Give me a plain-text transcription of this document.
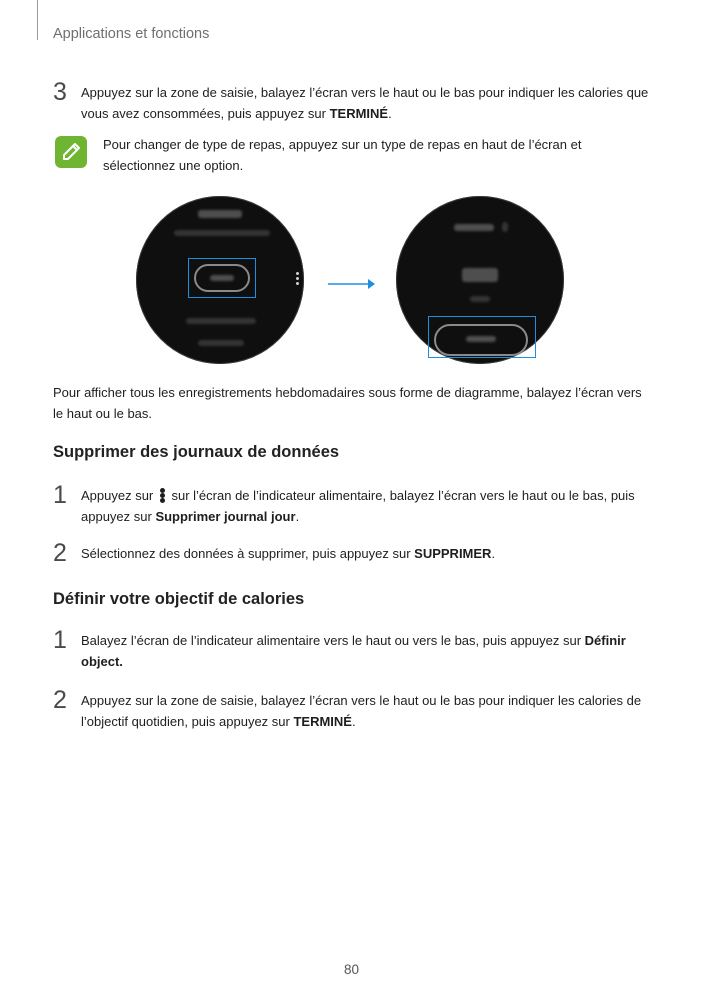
Applications et fonctions
3 Appuyez sur la zone de saisie, balayez l’écran vers le haut ou le bas pour indiquer les calories que vous avez consommées, puis appuyez sur TERMINÉ.
Pour changer de type de repas, appuyez sur un type de repas en haut de l’écran et sélectionnez une option.
Pour afficher tous les enregistrements hebdomadaires sous forme de diagramme, balayez l’écran vers le haut ou le bas.
Supprimer des journaux de données
1 Appuyez sur
sur l’écran de l’indicateur alimentaire, balayez l’écran vers le haut ou le bas, puis appuyez sur Supprimer journal jour.
2 Sélectionnez des données à supprimer, puis appuyez sur SUPPRIMER.
Définir votre objectif de calories
1 Balayez l’écran de l’indicateur alimentaire vers le haut ou vers le bas, puis appuyez sur Définir object.
2 Appuyez sur la zone de saisie, balayez l’écran vers le haut ou le bas pour indiquer les calories de l’objectif quotidien, puis appuyez sur TERMINÉ.
80
